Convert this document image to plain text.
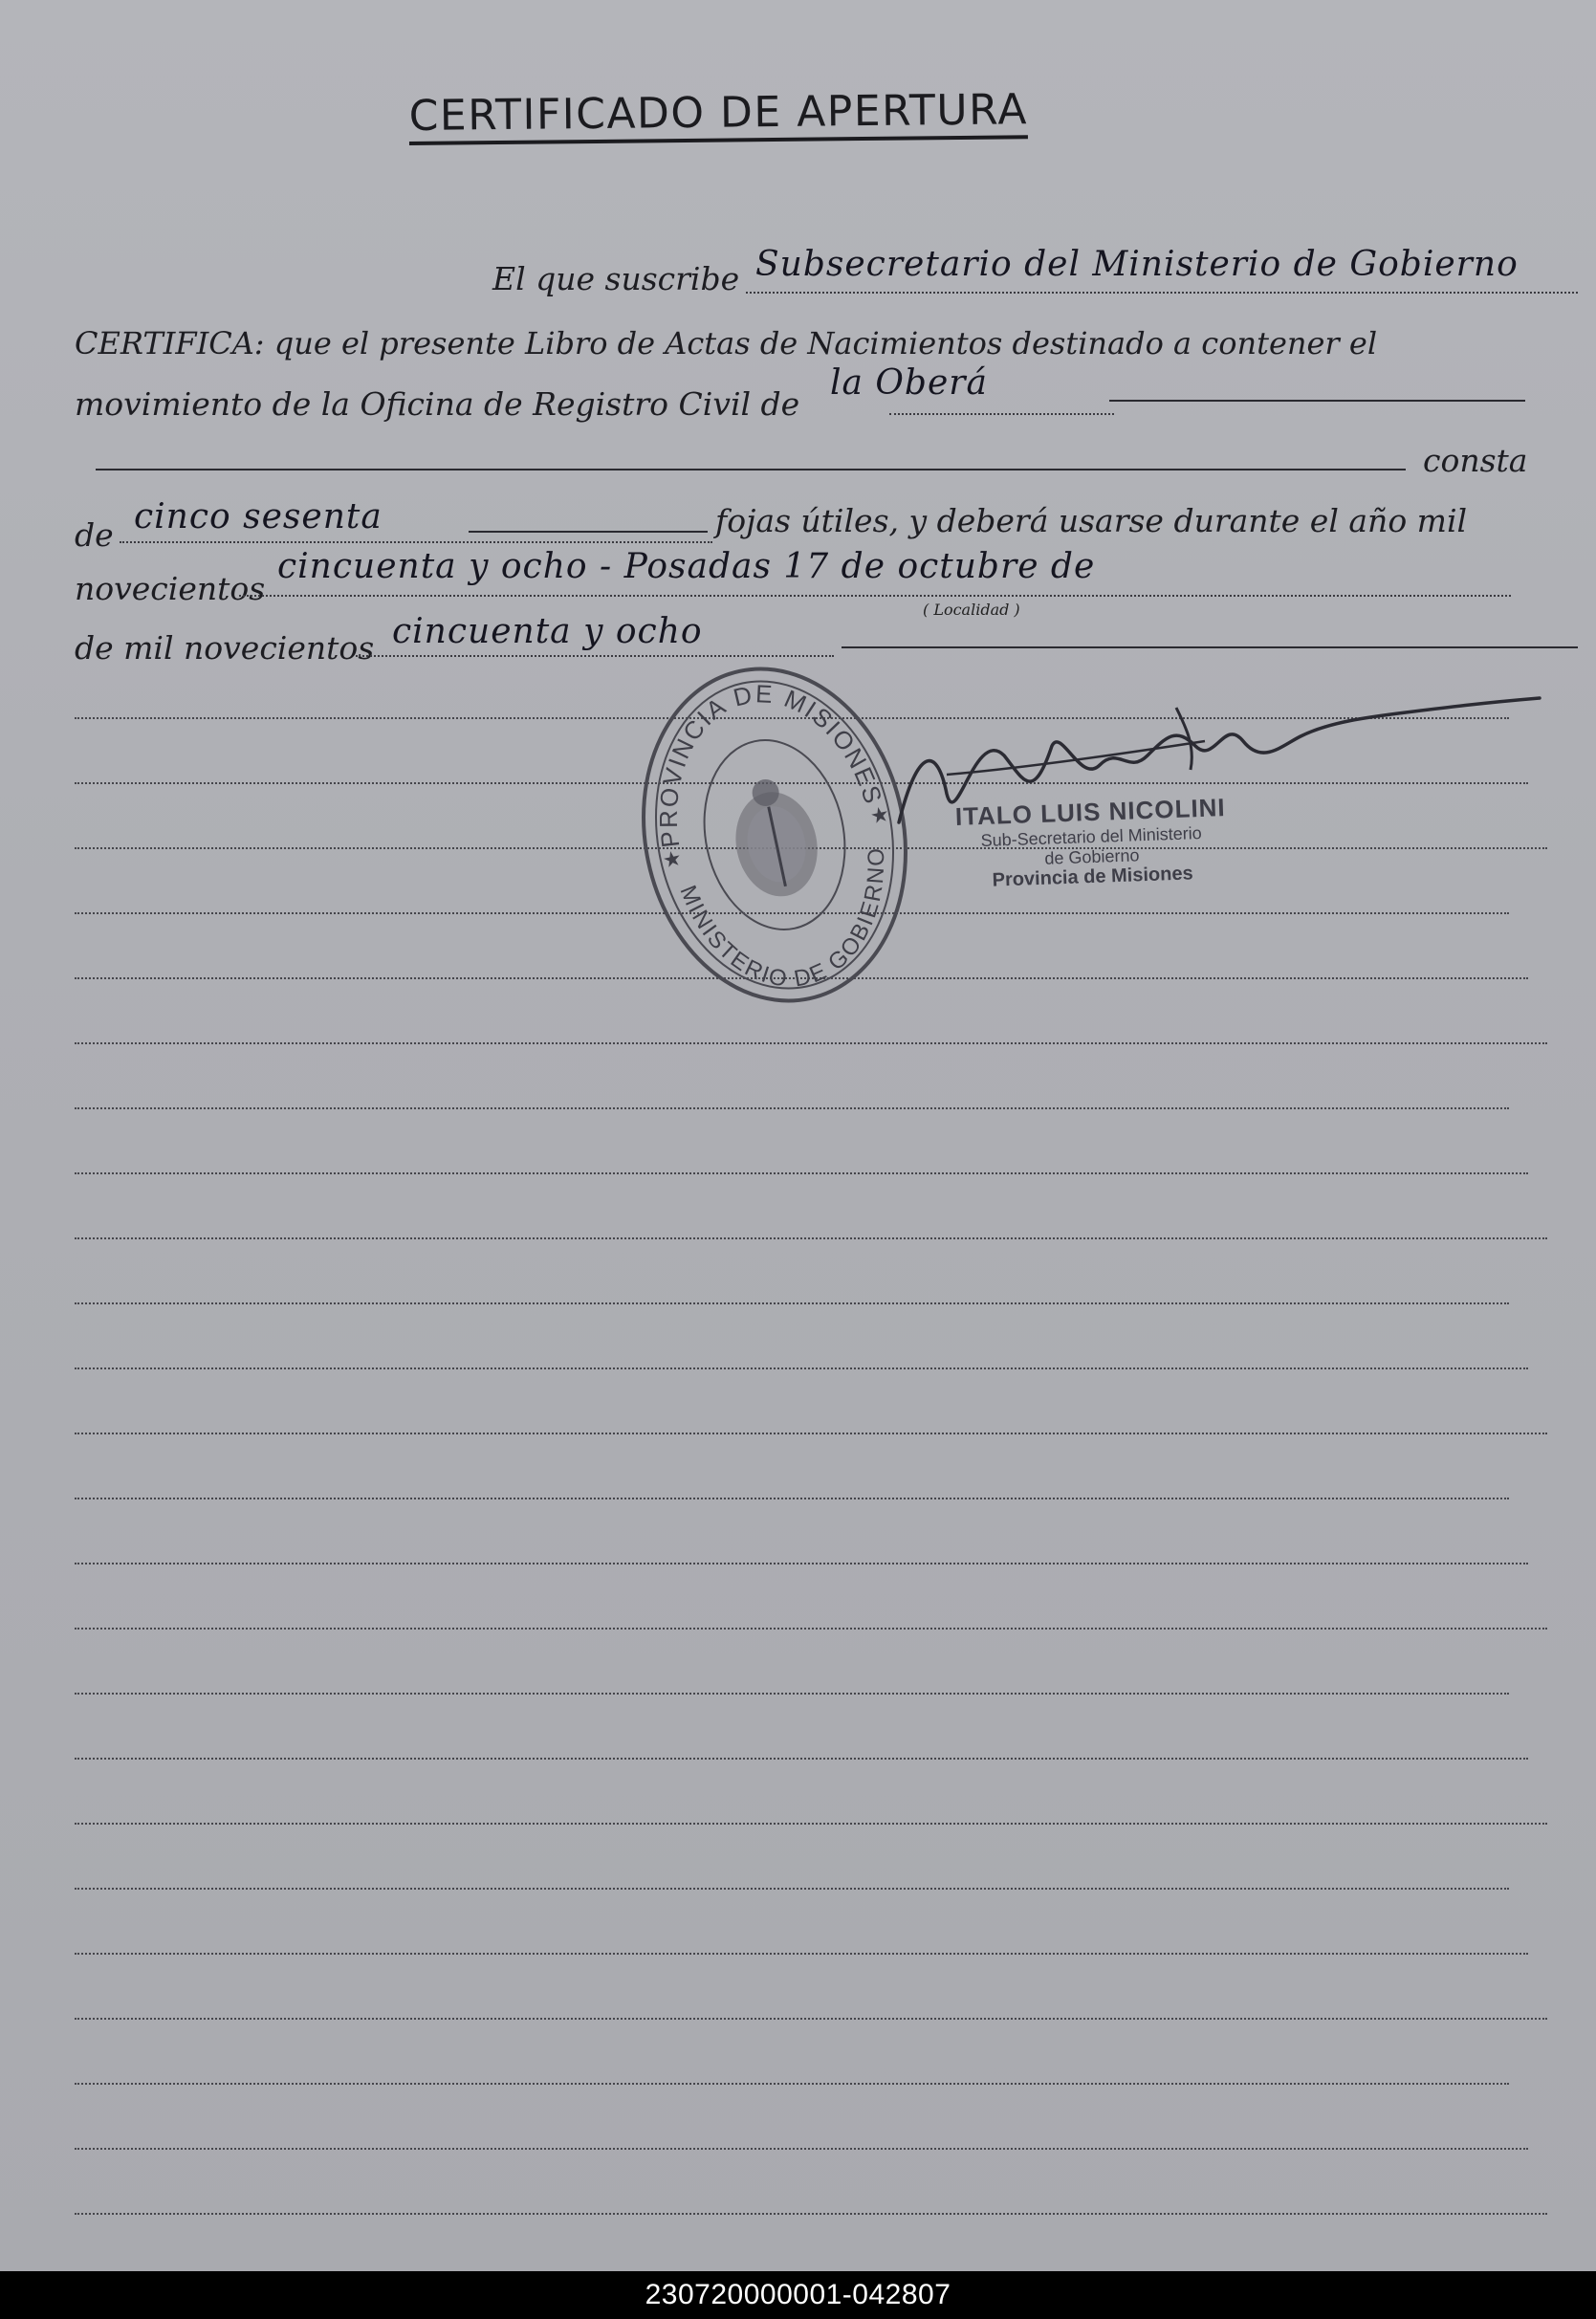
CERTIFICADO DE APERTURA
El que suscribe Subsecretario del Ministerio de Gobierno
CERTIFICA: que el presente Libro de Actas de Nacimientos destinado a contener el
movimiento de la Oficina de Registro Civil de
la Oberá
consta
de cinco sesenta	fojas útiles, y deberá usarse durante el año mil
novecientos
cincuenta y ocho - Posadas 17 de octubre de
( Localidad )
de mil novecientos cincuenta y ocho
PROVINCIA DE MISIONES
MINISTERIO DE GOBIERNO
★
★	ITALO LUIS NICOLINI
Sub-Secretario del Ministerio
de Gobierno
Provincia de Misiones
230720000001-042807
